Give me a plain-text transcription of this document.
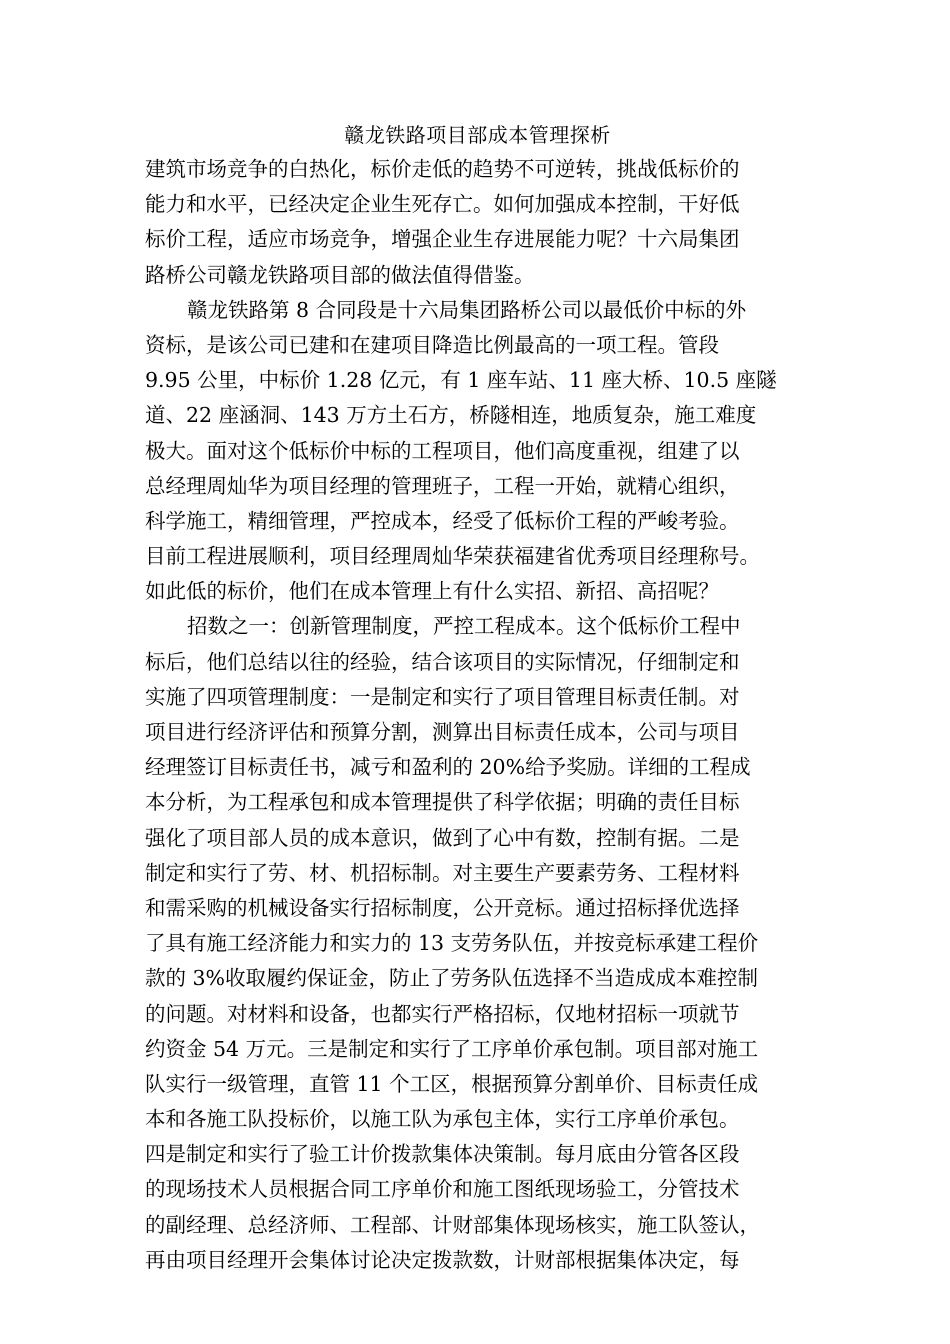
赣龙铁路项目部成本管理探析
建筑市场竞争的白热化，标价走低的趋势不可逆转，挑战低标价的
能力和水平，已经决定企业生死存亡。如何加强成本控制，干好低
标价工程，适应市场竞争，增强企业生存进展能力呢？十六局集团
路桥公司赣龙铁路项目部的做法值得借鉴。
赣龙铁路第 8 合同段是十六局集团路桥公司以最低价中标的外
资标，是该公司已建和在建项目降造比例最高的一项工程。管段
9.95 公里，中标价 1.28 亿元，有 1 座车站、11 座大桥、10.5 座隧
道、22 座涵洞、143 万方土石方，桥隧相连，地质复杂，施工难度
极大。面对这个低标价中标的工程项目，他们高度重视，组建了以
总经理周灿华为项目经理的管理班子，工程一开始，就精心组织，
科学施工，精细管理，严控成本，经受了低标价工程的严峻考验。
目前工程进展顺利，项目经理周灿华荣获福建省优秀项目经理称号。
如此低的标价，他们在成本管理上有什么实招、新招、高招呢？
招数之一：创新管理制度，严控工程成本。这个低标价工程中
标后，他们总结以往的经验，结合该项目的实际情况，仔细制定和
实施了四项管理制度：一是制定和实行了项目管理目标责任制。对
项目进行经济评估和预算分割，测算出目标责任成本，公司与项目
经理签订目标责任书，减亏和盈利的 20%给予奖励。详细的工程成
本分析，为工程承包和成本管理提供了科学依据；明确的责任目标
强化了项目部人员的成本意识，做到了心中有数，控制有据。二是
制定和实行了劳、材、机招标制。对主要生产要素劳务、工程材料
和需采购的机械设备实行招标制度，公开竞标。通过招标择优选择
了具有施工经济能力和实力的 13 支劳务队伍，并按竞标承建工程价
款的 3%收取履约保证金，防止了劳务队伍选择不当造成成本难控制
的问题。对材料和设备，也都实行严格招标，仅地材招标一项就节
约资金 54 万元。三是制定和实行了工序单价承包制。项目部对施工
队实行一级管理，直管 11 个工区，根据预算分割单价、目标责任成
本和各施工队投标价，以施工队为承包主体，实行工序单价承包。
四是制定和实行了验工计价拨款集体决策制。每月底由分管各区段
的现场技术人员根据合同工序单价和施工图纸现场验工，分管技术
的副经理、总经济师、工程部、计财部集体现场核实，施工队签认，
再由项目经理开会集体讨论决定拨款数，计财部根据集体决定，每
